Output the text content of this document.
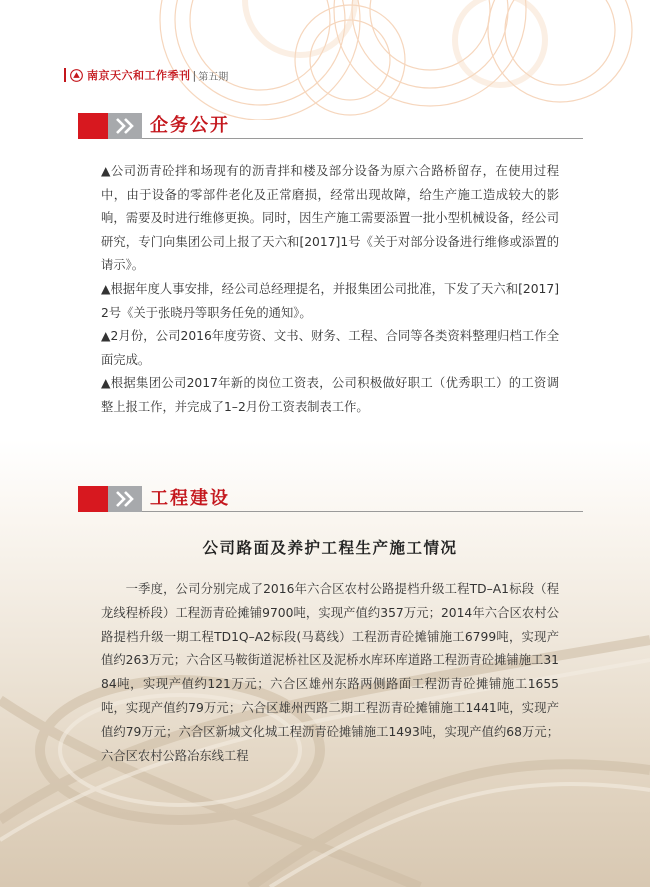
南京天六和工作季刊 | 第五期
企务公开

▲公司沥青砼拌和场现有的沥青拌和楼及部分设备为原六合路桥留存，在使用过程中，由于设备的零部件老化及正常磨损，经常出现故障，给生产施工造成较大的影响，需要及时进行维修更换。同时，因生产施工需要添置一批小型机械设备，经公司研究，专门向集团公司上报了天六和[2017]1号《关于对部分设备进行维修或添置的请示》。

▲根据年度人事安排，经公司总经理提名，并报集团公司批准，下发了天六和[2017]2号《关于张晓丹等职务任免的通知》。

▲2月份，公司2016年度劳资、文书、财务、工程、合同等各类资料整理归档工作全面完成。

▲根据集团公司2017年新的岗位工资表，公司积极做好职工（优秀职工）的工资调整上报工作，并完成了1–2月份工资表制表工作。

工程建设
公司路面及养护工程生产施工情况

一季度，公司分别完成了2016年六合区农村公路提档升级工程TD–A1标段（程龙线程桥段）工程沥青砼摊铺9700吨，实现产值约357万元；2014年六合区农村公路提档升级一期工程TD1Q–A2标段(马葛线）工程沥青砼摊铺施工6799吨，实现产值约263万元；六合区马鞍街道泥桥社区及泥桥水库环库道路工程沥青砼摊铺施工3184吨，实现产值约121万元；六合区雄州东路两侧路面工程沥青砼摊铺施工1655吨，实现产值约79万元；六合区雄州西路二期工程沥青砼摊铺施工1441吨，实现产值约79万元；六合区新城文化城工程沥青砼摊铺施工1493吨，实现产值约68万元；六合区农村公路冶东线工程
